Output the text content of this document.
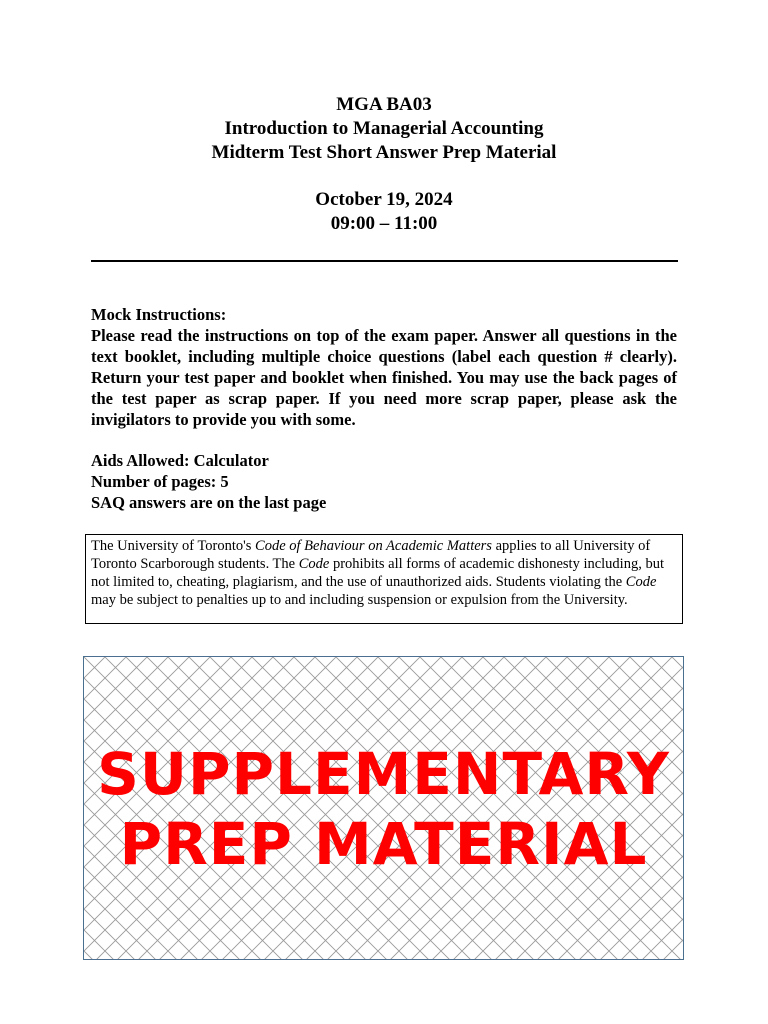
MGA BA03
Introduction to Managerial Accounting
Midterm Test Short Answer Prep Material
October 19, 2024
09:00 – 11:00
Mock Instructions:
Please read the instructions on top of the exam paper. Answer all questions in the text booklet, including multiple choice questions (label each question # clearly). Return your test paper and booklet when finished. You may use the back pages of the test paper as scrap paper. If you need more scrap paper, please ask the invigilators to provide you with some.
Aids Allowed: Calculator
Number of pages: 5
SAQ answers are on the last page
The University of Toronto's Code of Behaviour on Academic Matters applies to all University of Toronto Scarborough students. The Code prohibits all forms of academic dishonesty including, but not limited to, cheating, plagiarism, and the use of unauthorized aids. Students violating the Code may be subject to penalties up to and including suspension or expulsion from the University.
SUPPLEMENTARY
PREP MATERIAL
